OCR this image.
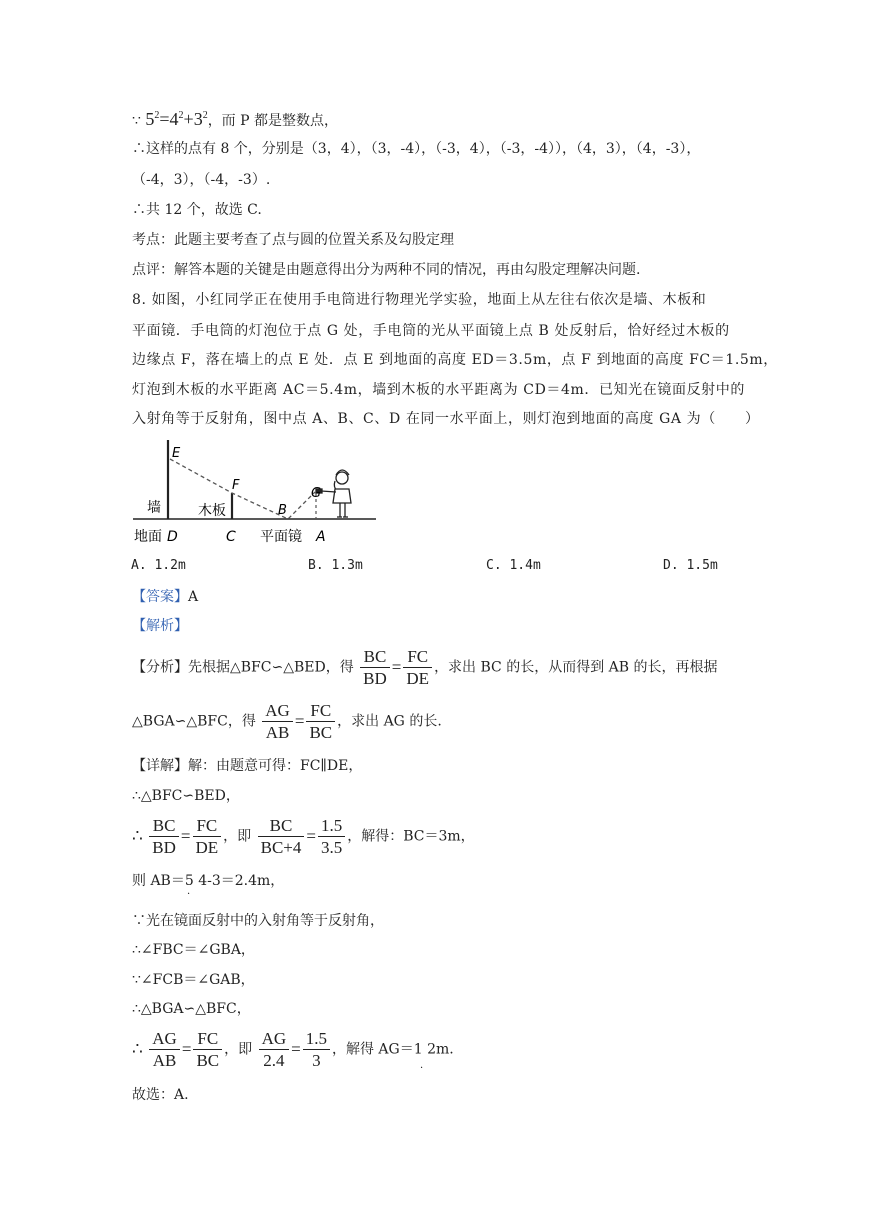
∵ $5^2=4^2+3^2$，而 P 都是整数点，
∴这样的点有 8 个，分别是（3，4），（3，-4），（-3，4），（-3，-4）），（4，3），（4，-3），
（-4，3），（-4，-3）.
∴共 12 个，故选 C.
考点：此题主要考查了点与圆的位置关系及勾股定理
点评：解答本题的关键是由题意得出分为两种不同的情况，再由勾股定理解决问题.
8. 如图，小红同学正在使用手电筒进行物理光学实验，地面上从左往右依次是墙、木板和
平面镜．手电筒的灯泡位于点 G 处，手电筒的光从平面镜上点 B 处反射后，恰好经过木板的
边缘点 F，落在墙上的点 E 处．点 E 到地面的高度 ED＝3.5m，点 F 到地面的高度 FC＝1.5m，
灯泡到木板的水平距离 AC＝5.4m，墙到木板的水平距离为 CD＝4m．已知光在镜面反射中的
入射角等于反射角，图中点 A、B、C、D 在同一水平面上，则灯泡到地面的高度 GA 为（　　）
E
F
B
G
墙	木板
地面 D	C 平面镜 A
A. 1.2m	B. 1.3m	C. 1.4m	D. 1.5m
【答案】A
【解析】
【分析】先根据△BFC∽△BED，得 $\frac{BC}{BD} = \frac{FC}{DE}$ ，求出 BC 的长，从而得到 AB 的长，再根据
△BGA∽△BFC，得 $\frac{AG}{AB} = \frac{FC}{BC}$ ，求出 AG 的长.
【详解】解：由题意可得：FC∥DE，
∴△BFC∽BED，
∴ $\frac{BC}{BD} = \frac{FC}{DE}$ ，即 $\frac{BC}{BC+4} = \frac{1.5}{3.5}$ ，解得：BC＝3m，
则 AB＝5 4-3＝2.4m，
·
∵光在镜面反射中的入射角等于反射角，
∴∠FBC＝∠GBA，
∵∠FCB＝∠GAB，
∴△BGA∽△BFC，
∴ $\frac{AG}{AB} = \frac{FC}{BC}$ ，即 $\frac{AG}{2.4} = \frac{1.5}{3}$ ，解得 AG＝1 2m.
·
故选：A.
